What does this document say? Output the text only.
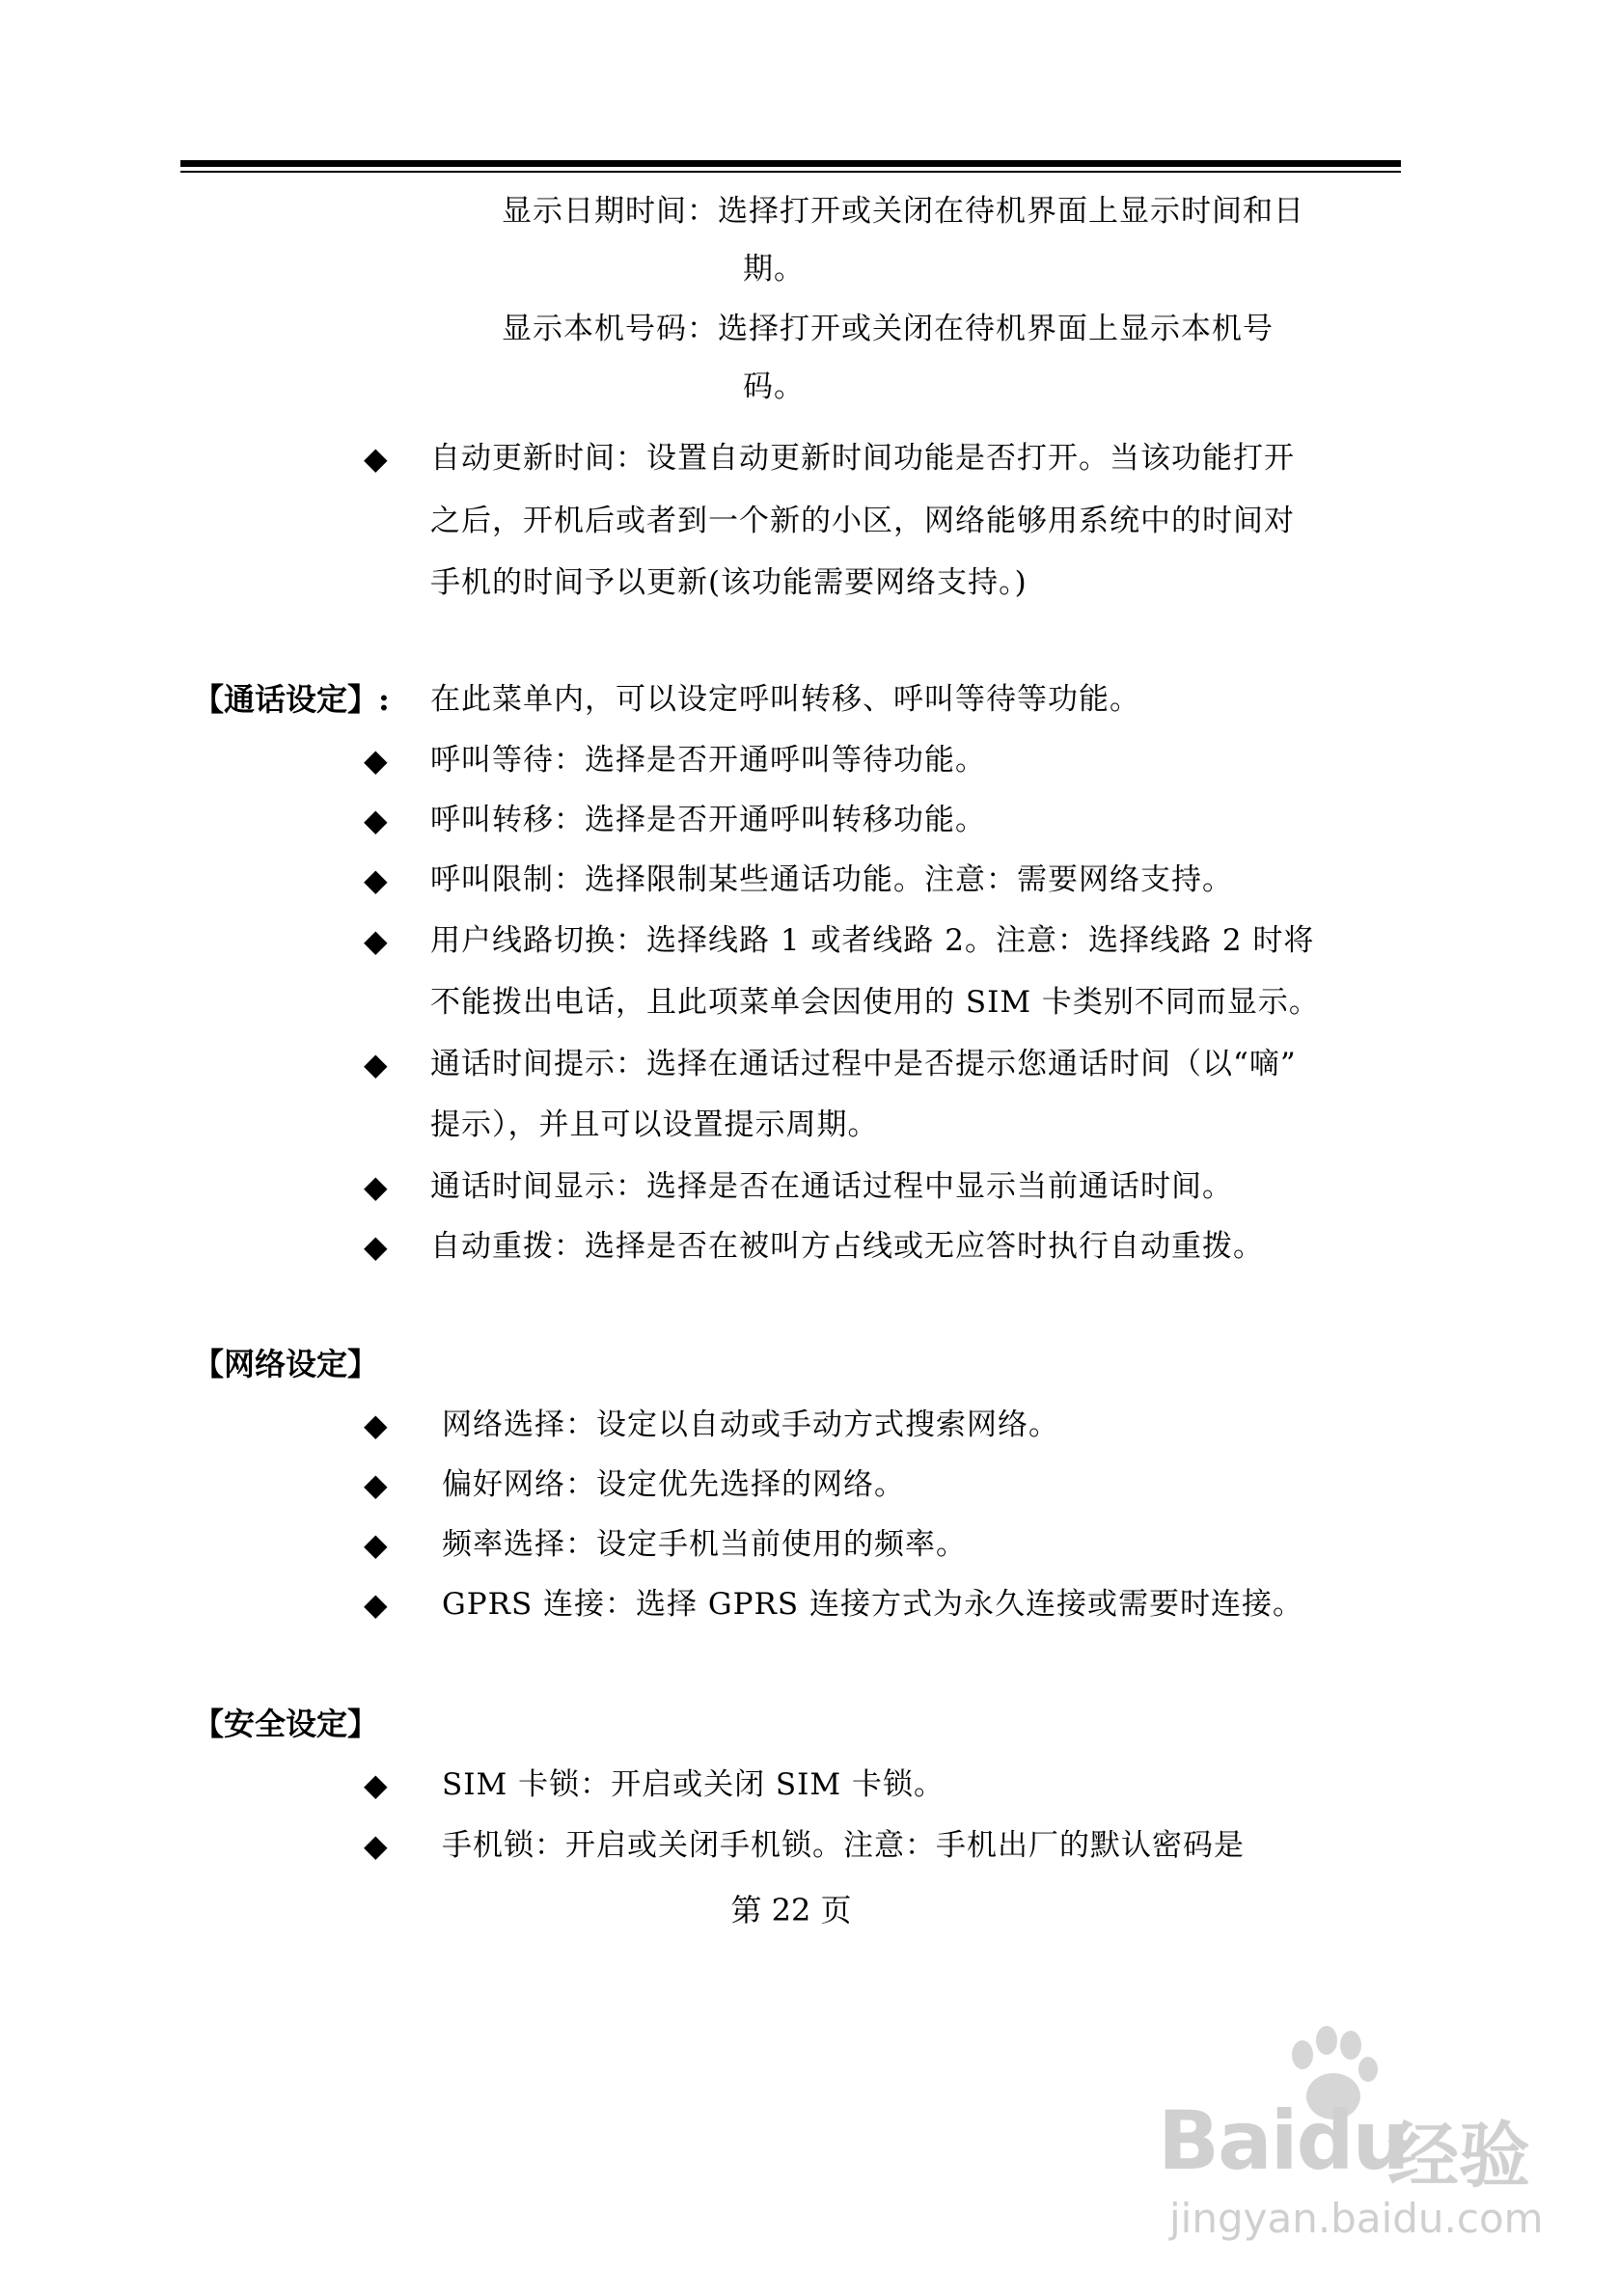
显示日期时间：选择打开或关闭在待机界面上显示时间和日
期。
显示本机号码：选择打开或关闭在待机界面上显示本机号
码。
◆ 自动更新时间：设置自动更新时间功能是否打开。当该功能打开
之后，开机后或者到一个新的小区，网络能够用系统中的时间对
手机的时间予以更新(该功能需要网络支持。)
【通话设定】: 在此菜单内，可以设定呼叫转移、呼叫等待等功能。
◆ 呼叫等待：选择是否开通呼叫等待功能。
◆ 呼叫转移：选择是否开通呼叫转移功能。
◆ 呼叫限制：选择限制某些通话功能。注意：需要网络支持。
◆ 用户线路切换：选择线路 1 或者线路 2。注意：选择线路 2 时将
不能拨出电话，且此项菜单会因使用的 SIM 卡类别不同而显示。
◆ 通话时间提示：选择在通话过程中是否提示您通话时间（以“嘀”
提示），并且可以设置提示周期。
◆ 通话时间显示：选择是否在通话过程中显示当前通话时间。
◆ 自动重拨：选择是否在被叫方占线或无应答时执行自动重拨。
【网络设定】
◆ 网络选择：设定以自动或手动方式搜索网络。
◆ 偏好网络：设定优先选择的网络。
◆ 频率选择：设定手机当前使用的频率。
◆ GPRS 连接：选择 GPRS 连接方式为永久连接或需要时连接。
【安全设定】
◆ SIM 卡锁：开启或关闭 SIM 卡锁。
◆ 手机锁：开启或关闭手机锁。注意：手机出厂的默认密码是
第 22 页
Baidu
经验
jingyan.baidu.com
